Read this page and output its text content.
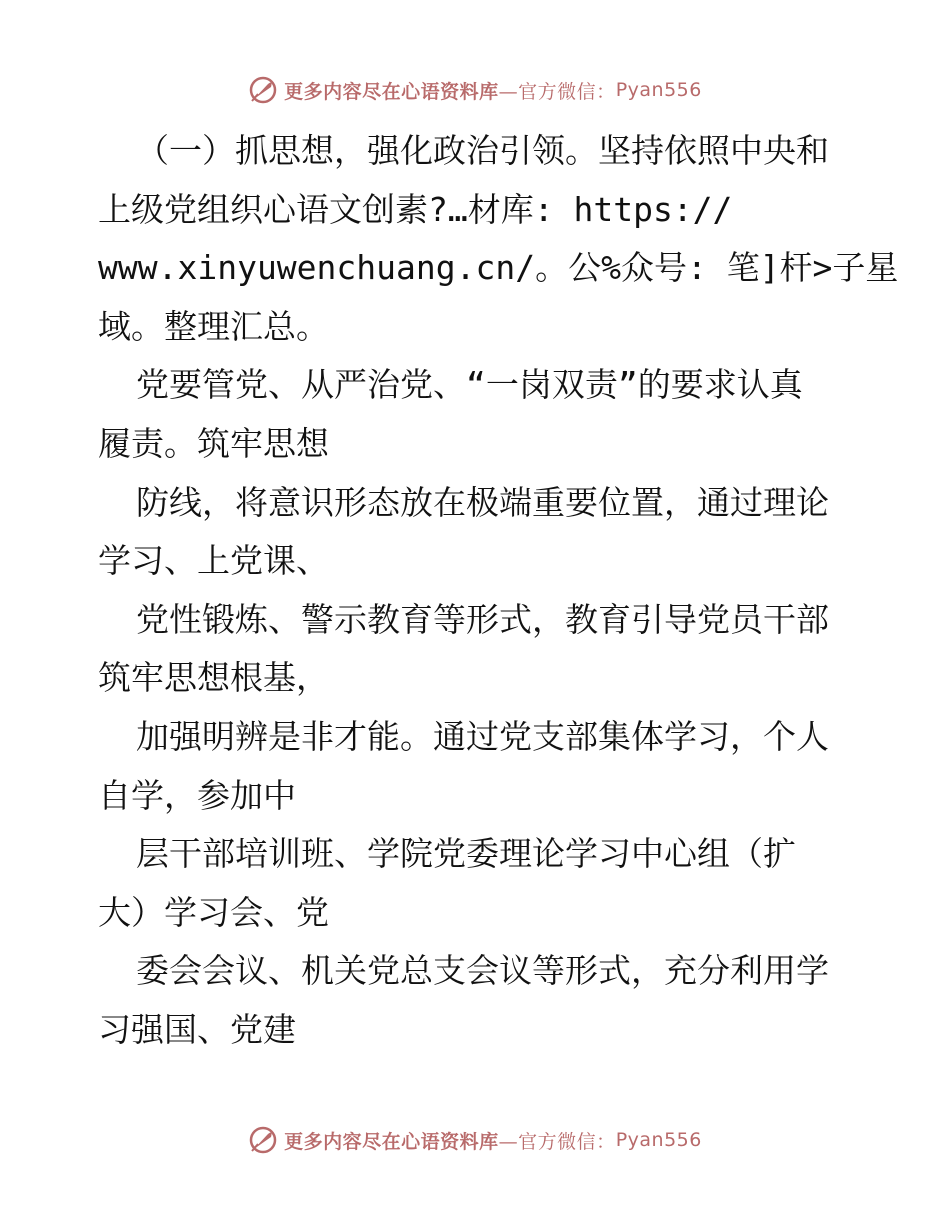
更多内容尽在心语资料库 —官方微信： Pyan556
（一）抓思想，强化政治引领。坚持依照中央和
上级党组织心语文创素?…材库: https://
www.xinyuwenchuang.cn/。公%众号: 笔]杆>子星
域。整理汇总。
党要管党、从严治党、“一岗双责”的要求认真
履责。筑牢思想
防线，将意识形态放在极端重要位置，通过理论
学习、上党课、
党性锻炼、警示教育等形式，教育引导党员干部
筑牢思想根基，
加强明辨是非才能。通过党支部集体学习，个人
自学，参加中
层干部培训班、学院党委理论学习中心组（扩
大）学习会、党
委会会议、机关党总支会议等形式，充分利用学
习强国、党建
更多内容尽在心语资料库 —官方微信： Pyan556
